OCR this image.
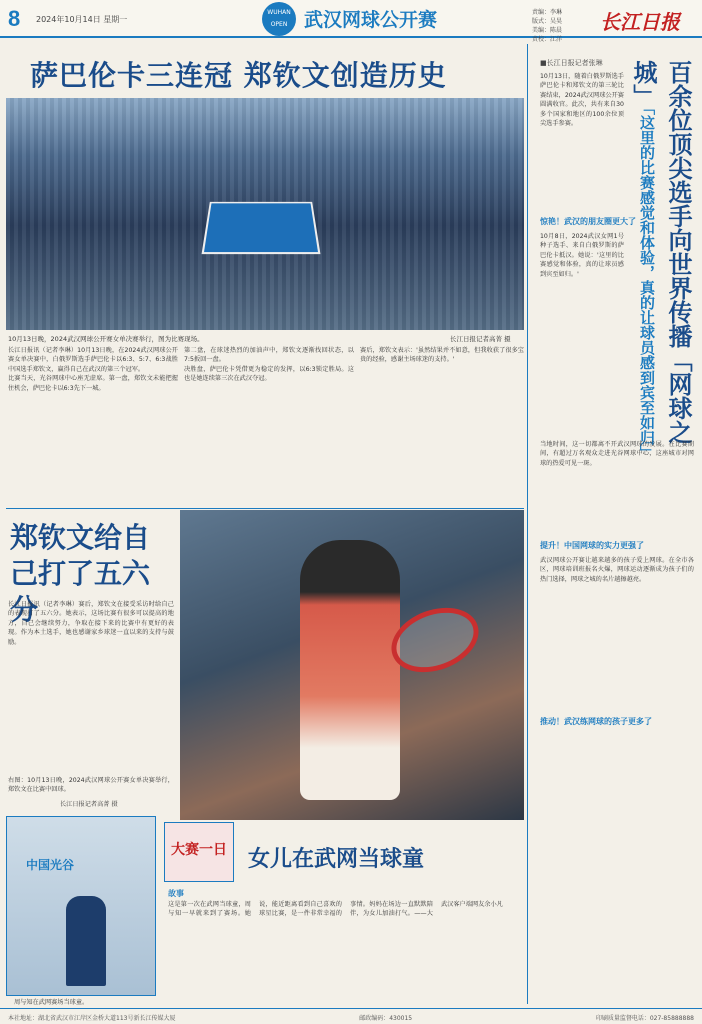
8 2024年10月14日 星期一
WUHAN OPEN 武汉网球公开赛	责编：李琳
版式：吴昊
美编：陈晨
责校：江洋
长江日报
萨巴伦卡三连冠 郑钦文创造历史
10月13日晚，2024武汉网球公开赛女单决赛举行，图为比赛现场。	长江日报记者高菁 摄

长江日报讯（记者李琳）10月13日晚，在2024武汉网球公开赛女单决赛中，白俄罗斯选手萨巴伦卡以6:3、5:7、6:3战胜中国选手郑钦文，赢得自己在武汉的第三个冠军。

比赛当天，光谷网球中心座无虚席。第一盘，郑钦文未能把握住机会，萨巴伦卡以6:3先下一城。

第二盘，在球迷热烈的加油声中，郑钦文逐渐找回状态，以7:5扳回一盘。

决胜盘，萨巴伦卡凭借更为稳定的发挥，以6:3锁定胜局。这也是她连续第三次在武汉夺冠。

赛后，郑钦文表示：'虽然结果并不如意，但我收获了很多宝贵的经验，感谢主场球迷的支持。'

郑钦文给自己打了五六分

长江日报讯（记者李琳）赛后，郑钦文在接受采访时给自己的表现打了五六分。她表示，这场比赛有很多可以提高的地方，自己会继续努力，争取在接下来的比赛中有更好的表现。作为本土选手，她也感谢家乡球迷一直以来的支持与鼓励。

右图：10月13日晚，2024武汉网球公开赛女单决赛举行，郑钦文在比赛中回球。
长江日报记者高菁 摄
中国光谷
周与知在武网赛场当球童。
大赛一日 女儿在武网当球童
故事

这是第一次在武网当球童，周与知一早就来到了赛场。她说，能近距离看到自己喜欢的球星比赛，是一件非常幸福的事情。妈妈在场边一直默默陪伴，为女儿加油打气。——大武汉客户端网友余小凡

百余位顶尖选手向世界传播「网球之城」
「这里的比赛感觉和体验，真的让球员感到宾至如归」
■长江日报记者张琳
10月13日，随着白俄罗斯选手萨巴伦卡和郑钦文的第三轮比赛结束，2024武汉网球公开赛圆满收官。此次，共有来自30多个国家和地区的100余位顶尖选手参赛。
惊艳！武汉的朋友圈更大了
10月8日，2024武汉女网1号种子选手、来自白俄罗斯的萨巴伦卡抵汉。她说：'这里的比赛感觉和体验，真的让球员感到宾至如归。'
当地时间，这一切都离不开武汉网球的发展。在比赛期间，有超过万名观众走进光谷网球中心，这座城市对网球的热爱可见一斑。
提升！中国网球的实力更强了
武汉网球公开赛让越来越多的孩子爱上网球。在全市各区，网球培训班报名火爆，网球运动逐渐成为孩子们的热门选择，网球之城的名片越擦越亮。
推动！武汉练网球的孩子更多了
本社地址：湖北省武汉市江岸区金桥大道113号新长江传媒大厦	邮政编码：430015	印刷质量监督电话：027-85888888
